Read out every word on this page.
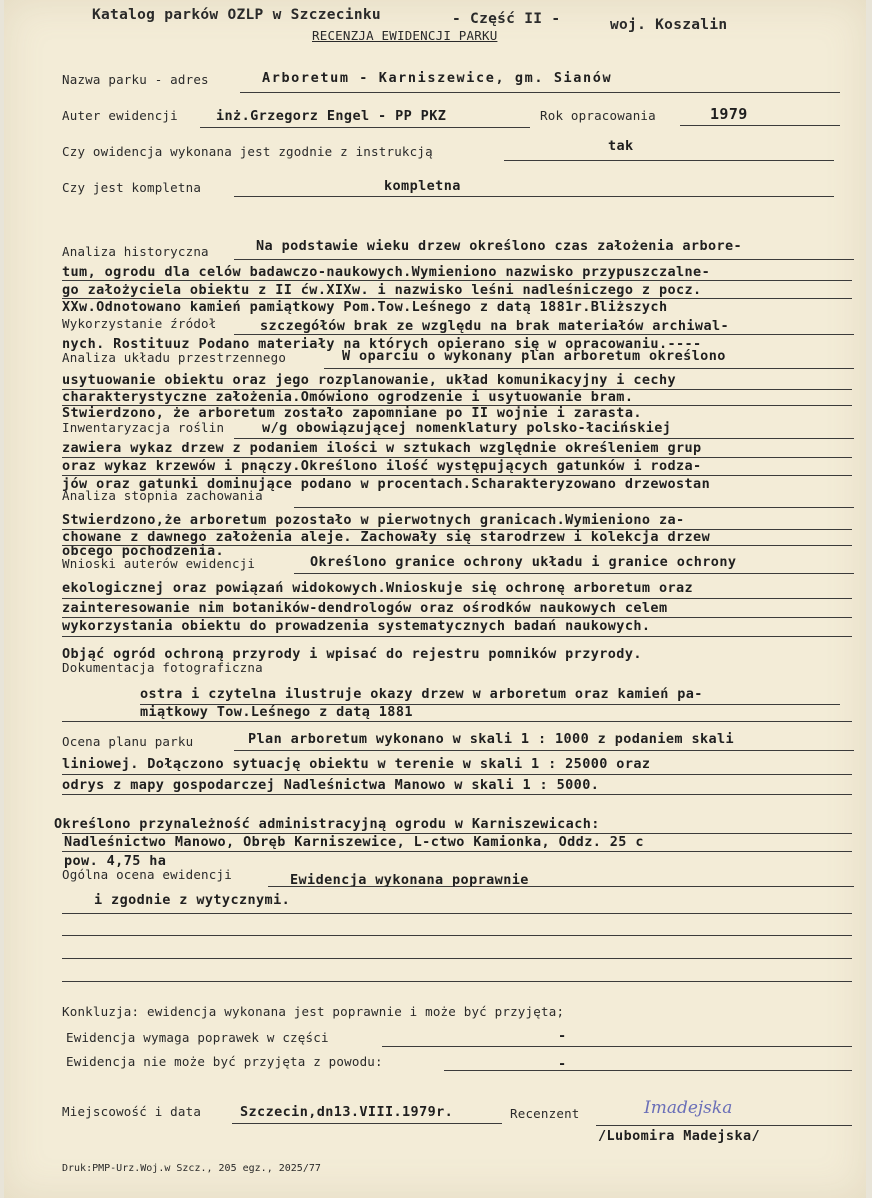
Katalog parków OZLP w Szczecinku	- Część II -	woj. Koszalin
RECENZJA EWIDENCJI PARKU
Nazwa parku - adres	Arboretum - Karniszewice, gm. Sianów
Auter ewidencji	inż.Grzegorz Engel - PP PKZ	Rok opracowania	1979
Czy owidencja wykonana jest zgodnie z instrukcją	tak
Czy jest kompletna	kompletna
Analiza historyczna	Na podstawie wieku drzew określono czas założenia arbore-
tum, ogrodu dla celów badawczo-naukowych.Wymieniono nazwisko przypuszczalne-
go założyciela obiektu z II ćw.XIXw. i nazwisko leśni nadleśniczego z pocz.
XXw.Odnotowano kamień pamiątkowy Pom.Tow.Leśnego z datą 1881r.Bliższych
Wykorzystanie źródoł	szczegółów brak ze względu na brak materiałów archiwal-
nych. Rostituuz Podano materiały na których opierano się w opracowaniu.----
Analiza układu przestrzennego	W oparciu o wykonany plan arboretum określono
usytuowanie obiektu oraz jego rozplanowanie, układ komunikacyjny i cechy
charakterystyczne założenia.Omówiono ogrodzenie i usytuowanie bram.
Stwierdzono, że arboretum zostało zapomniane po II wojnie i zarasta.
Inwentaryzacja roślin	w/g obowiązującej nomenklatury polsko-łacińskiej
zawiera wykaz drzew z podaniem ilości w sztukach względnie określeniem grup
oraz wykaz krzewów i pnączy.Określono ilość występujących gatunków i rodza-
jów oraz gatunki dominujące podano w procentach.Scharakteryzowano drzewostan
Analiza stopnia zachowania
Stwierdzono,że arboretum pozostało w pierwotnych granicach.Wymieniono za-
chowane z dawnego założenia aleje. Zachowały się starodrzew i kolekcja drzew
obcego pochodzenia.
Wnioski auterów ewidencji	Określono granice ochrony układu i granice ochrony
ekologicznej oraz powiązań widokowych.Wnioskuje się ochronę arboretum oraz
zainteresowanie nim botaników-dendrologów oraz ośrodków naukowych celem
wykorzystania obiektu do prowadzenia systematycznych badań naukowych.
Objąć ogród ochroną przyrody i wpisać do rejestru pomników przyrody.
Dokumentacja fotograficzna
ostra i czytelna ilustruje okazy drzew w arboretum oraz kamień pa-
miątkowy Tow.Leśnego z datą 1881
Ocena planu parku	Plan arboretum wykonano w skali 1 : 1000 z podaniem skali
liniowej. Dołączono sytuację obiektu w terenie w skali 1 : 25000 oraz
odrys z mapy gospodarczej Nadleśnictwa Manowo w skali 1 : 5000.
Określono przynależność administracyjną ogrodu w Karniszewicach:
Nadleśnictwo Manowo, Obręb Karniszewice, L-ctwo Kamionka, Oddz. 25 c
pow. 4,75 ha
Ogólna ocena ewidencji	Ewidencja wykonana poprawnie
i zgodnie z wytycznymi.
Konkluzja: ewidencja wykonana jest poprawnie i może być przyjęta;
Ewidencja wymaga poprawek w części	-
Ewidencja nie może być przyjęta z powodu:	-
Miejscowość i data	Szczecin,dn13.VIII.1979r.	Recenzent	Imadejska
/Lubomira Madejska/
Druk:PMP-Urz.Woj.w Szcz., 205 egz., 2025/77
